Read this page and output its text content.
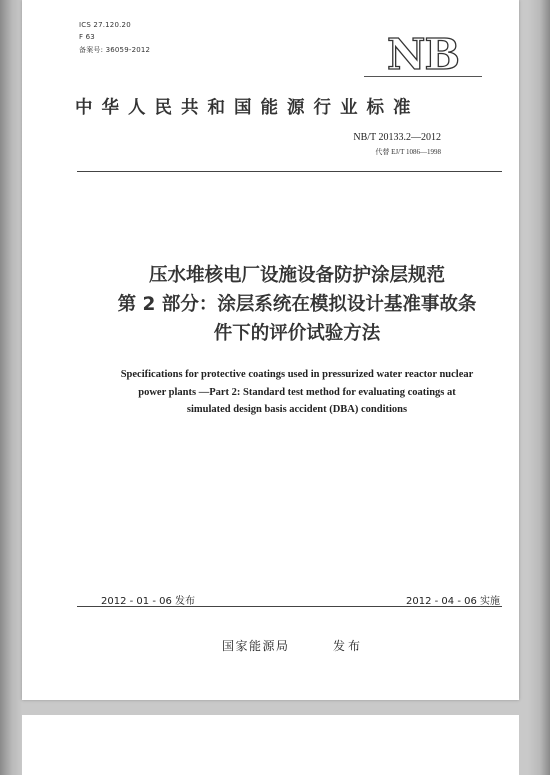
ICS 27.120.20
F 63
备案号: 36059-2012	NB
中华人民共和国能源行业标准
NB/T 20133.2—2012
代替 EJ/T 1086—1998
压水堆核电厂设施设备防护涂层规范
第 2 部分：涂层系统在模拟设计基准事故条
件下的评价试验方法
Specifications for protective coatings used in pressurized water reactor nuclear
power plants —Part 2: Standard test method for evaluating coatings at
simulated design basis accident (DBA) conditions
2012 - 01 - 06 发布	2012 - 04 - 06 实施
国家能源局	发布
